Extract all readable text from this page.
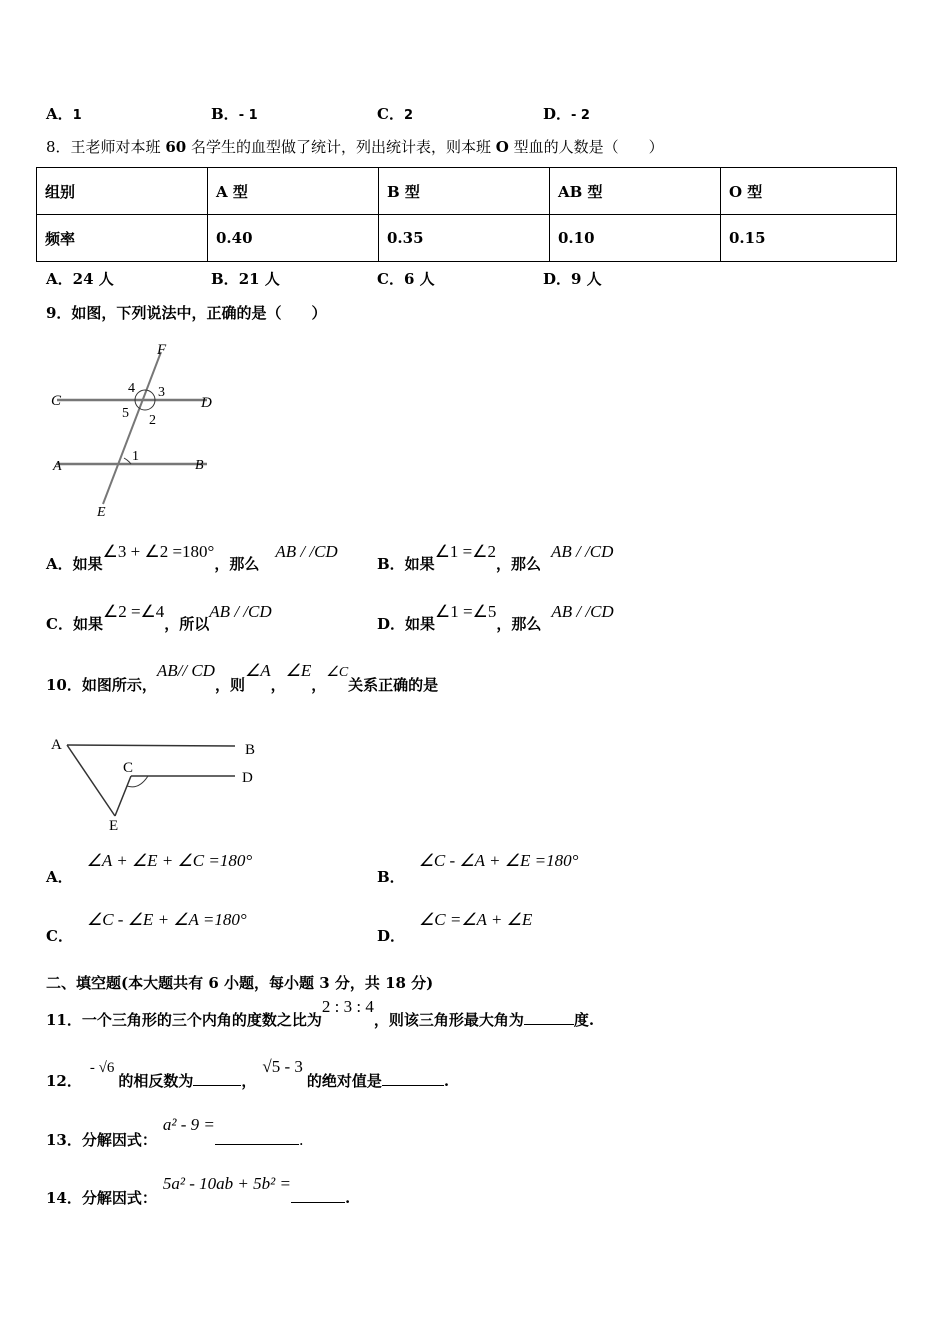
A．1	B．- 1	C．2	D．- 2
8．王老师对本班 60 名学生的血型做了统计，列出统计表，则本班 O 型血的人数是（　　）
组别	A 型	B 型	AB 型	O 型
频率	0.40	0.35	0.10	0.15
A．24 人	B．21 人	C．6 人	D．9 人
9．如图，下列说法中，正确的是（　　）
F
C	D
A	B
E
4 3
5 2
1
A．如果∠3 + ∠2 =180°，那么AB / /CD
B．如果∠1 =∠2，那么AB / /CD
C．如果∠2 =∠4，所以AB / /CD
D．如果∠1 =∠5，那么AB / /CD
10．如图所示，AB// CD，则∠A，∠E，∠C关系正确的是
A	B
C
D
E
A．∠A + ∠E + ∠C =180°
B．∠C - ∠A + ∠E =180°
C．∠C - ∠E + ∠A =180°
D．∠C =∠A + ∠E
二、填空题(本大题共有 6 小题，每小题 3 分，共 18 分)
11．一个三角形的三个内角的度数之比为2 : 3 : 4，则该三角形最大角为	度.
12．- √6的相反数为	，√5 - 3的绝对值是	.
13．分解因式：a² - 9 =.
14．分解因式：5a² - 10ab + 5b² =.
